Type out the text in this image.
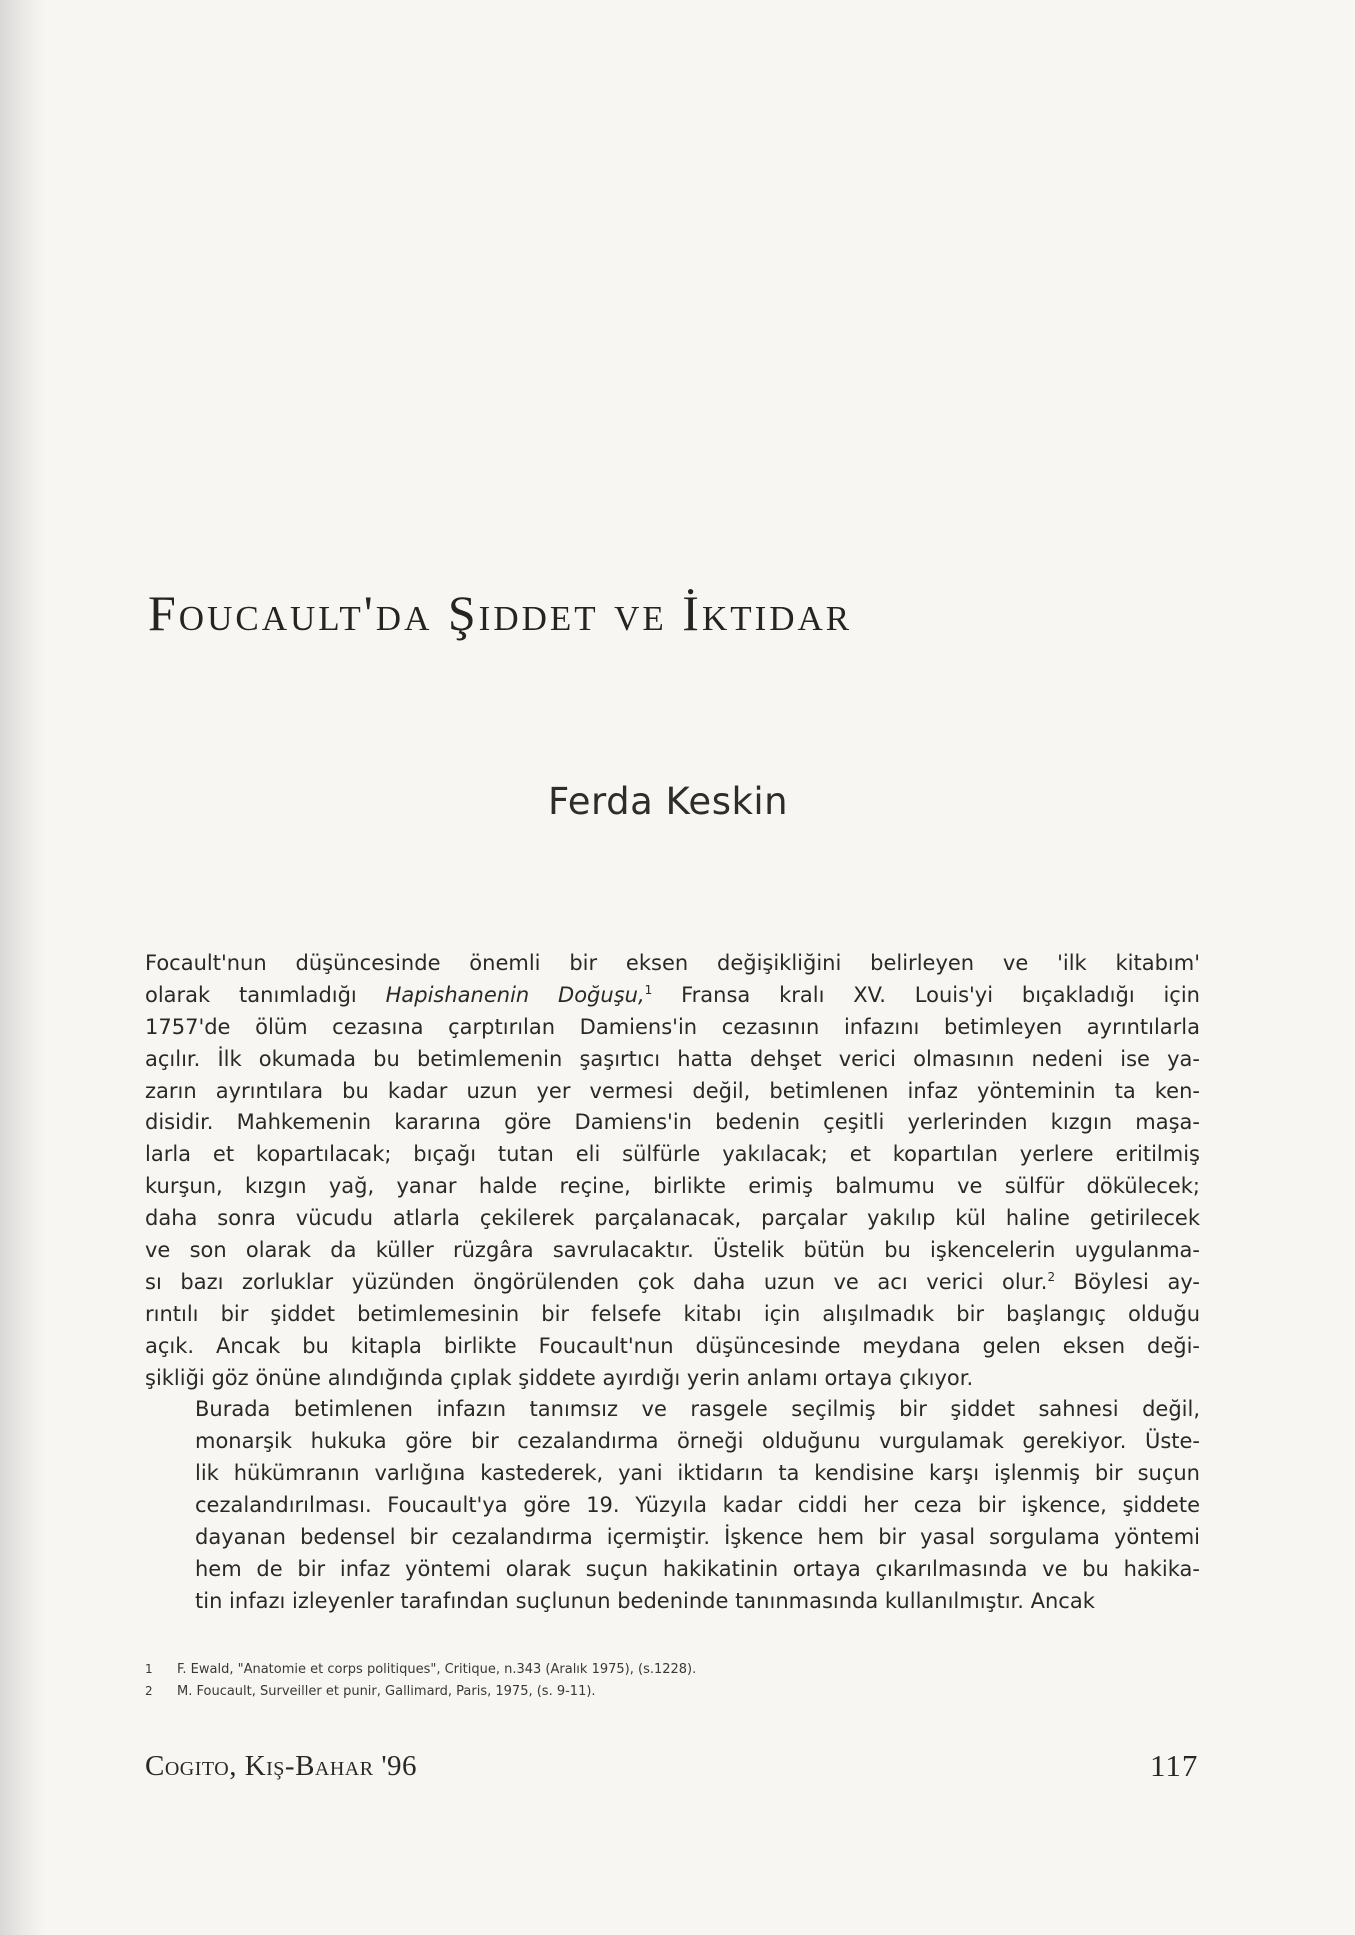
Foucault'da Şiddet ve İktidar
Ferda Keskin
Focault'nun düşüncesinde önemli bir eksen değişikliğini belirleyen ve 'ilk kitabım'
olarak tanımladığı Hapishanenin Doğuşu,$^1$ Fransa kralı XV. Louis'yi bıçakladığı için
1757'de ölüm cezasına çarptırılan Damiens'in cezasının infazını betimleyen ayrıntılarla
açılır. İlk okumada bu betimlemenin şaşırtıcı hatta dehşet verici olmasının nedeni ise ya-
zarın ayrıntılara bu kadar uzun yer vermesi değil, betimlenen infaz yönteminin ta ken-
disidir. Mahkemenin kararına göre Damiens'in bedenin çeşitli yerlerinden kızgın maşa-
larla et kopartılacak; bıçağı tutan eli sülfürle yakılacak; et kopartılan yerlere eritilmiş
kurşun, kızgın yağ, yanar halde reçine, birlikte erimiş balmumu ve sülfür dökülecek;
daha sonra vücudu atlarla çekilerek parçalanacak, parçalar yakılıp kül haline getirilecek
ve son olarak da küller rüzgâra savrulacaktır. Üstelik bütün bu işkencelerin uygulanma-
sı bazı zorluklar yüzünden öngörülenden çok daha uzun ve acı verici olur.$^2$ Böylesi ay-
rıntılı bir şiddet betimlemesinin bir felsefe kitabı için alışılmadık bir başlangıç olduğu
açık. Ancak bu kitapla birlikte Foucault'nun düşüncesinde meydana gelen eksen deği-
şikliği göz önüne alındığında çıplak şiddete ayırdığı yerin anlamı ortaya çıkıyor.
Burada betimlenen infazın tanımsız ve rasgele seçilmiş bir şiddet sahnesi değil,
monarşik hukuka göre bir cezalandırma örneği olduğunu vurgulamak gerekiyor. Üste-
lik hükümranın varlığına kastederek, yani iktidarın ta kendisine karşı işlenmiş bir suçun
cezalandırılması. Foucault'ya göre 19. Yüzyıla kadar ciddi her ceza bir işkence, şiddete
dayanan bedensel bir cezalandırma içermiştir. İşkence hem bir yasal sorgulama yöntemi
hem de bir infaz yöntemi olarak suçun hakikatinin ortaya çıkarılmasında ve bu hakika-
tin infazı izleyenler tarafından suçlunun bedeninde tanınmasında kullanılmıştır. Ancak
1	F. Ewald, "Anatomie et corps politiques", Critique, n.343 (Aralık 1975), (s.1228).
2	M. Foucault, Surveiller et punir, Gallimard, Paris, 1975, (s. 9-11).
Cogito, Kış-Bahar '96	117
